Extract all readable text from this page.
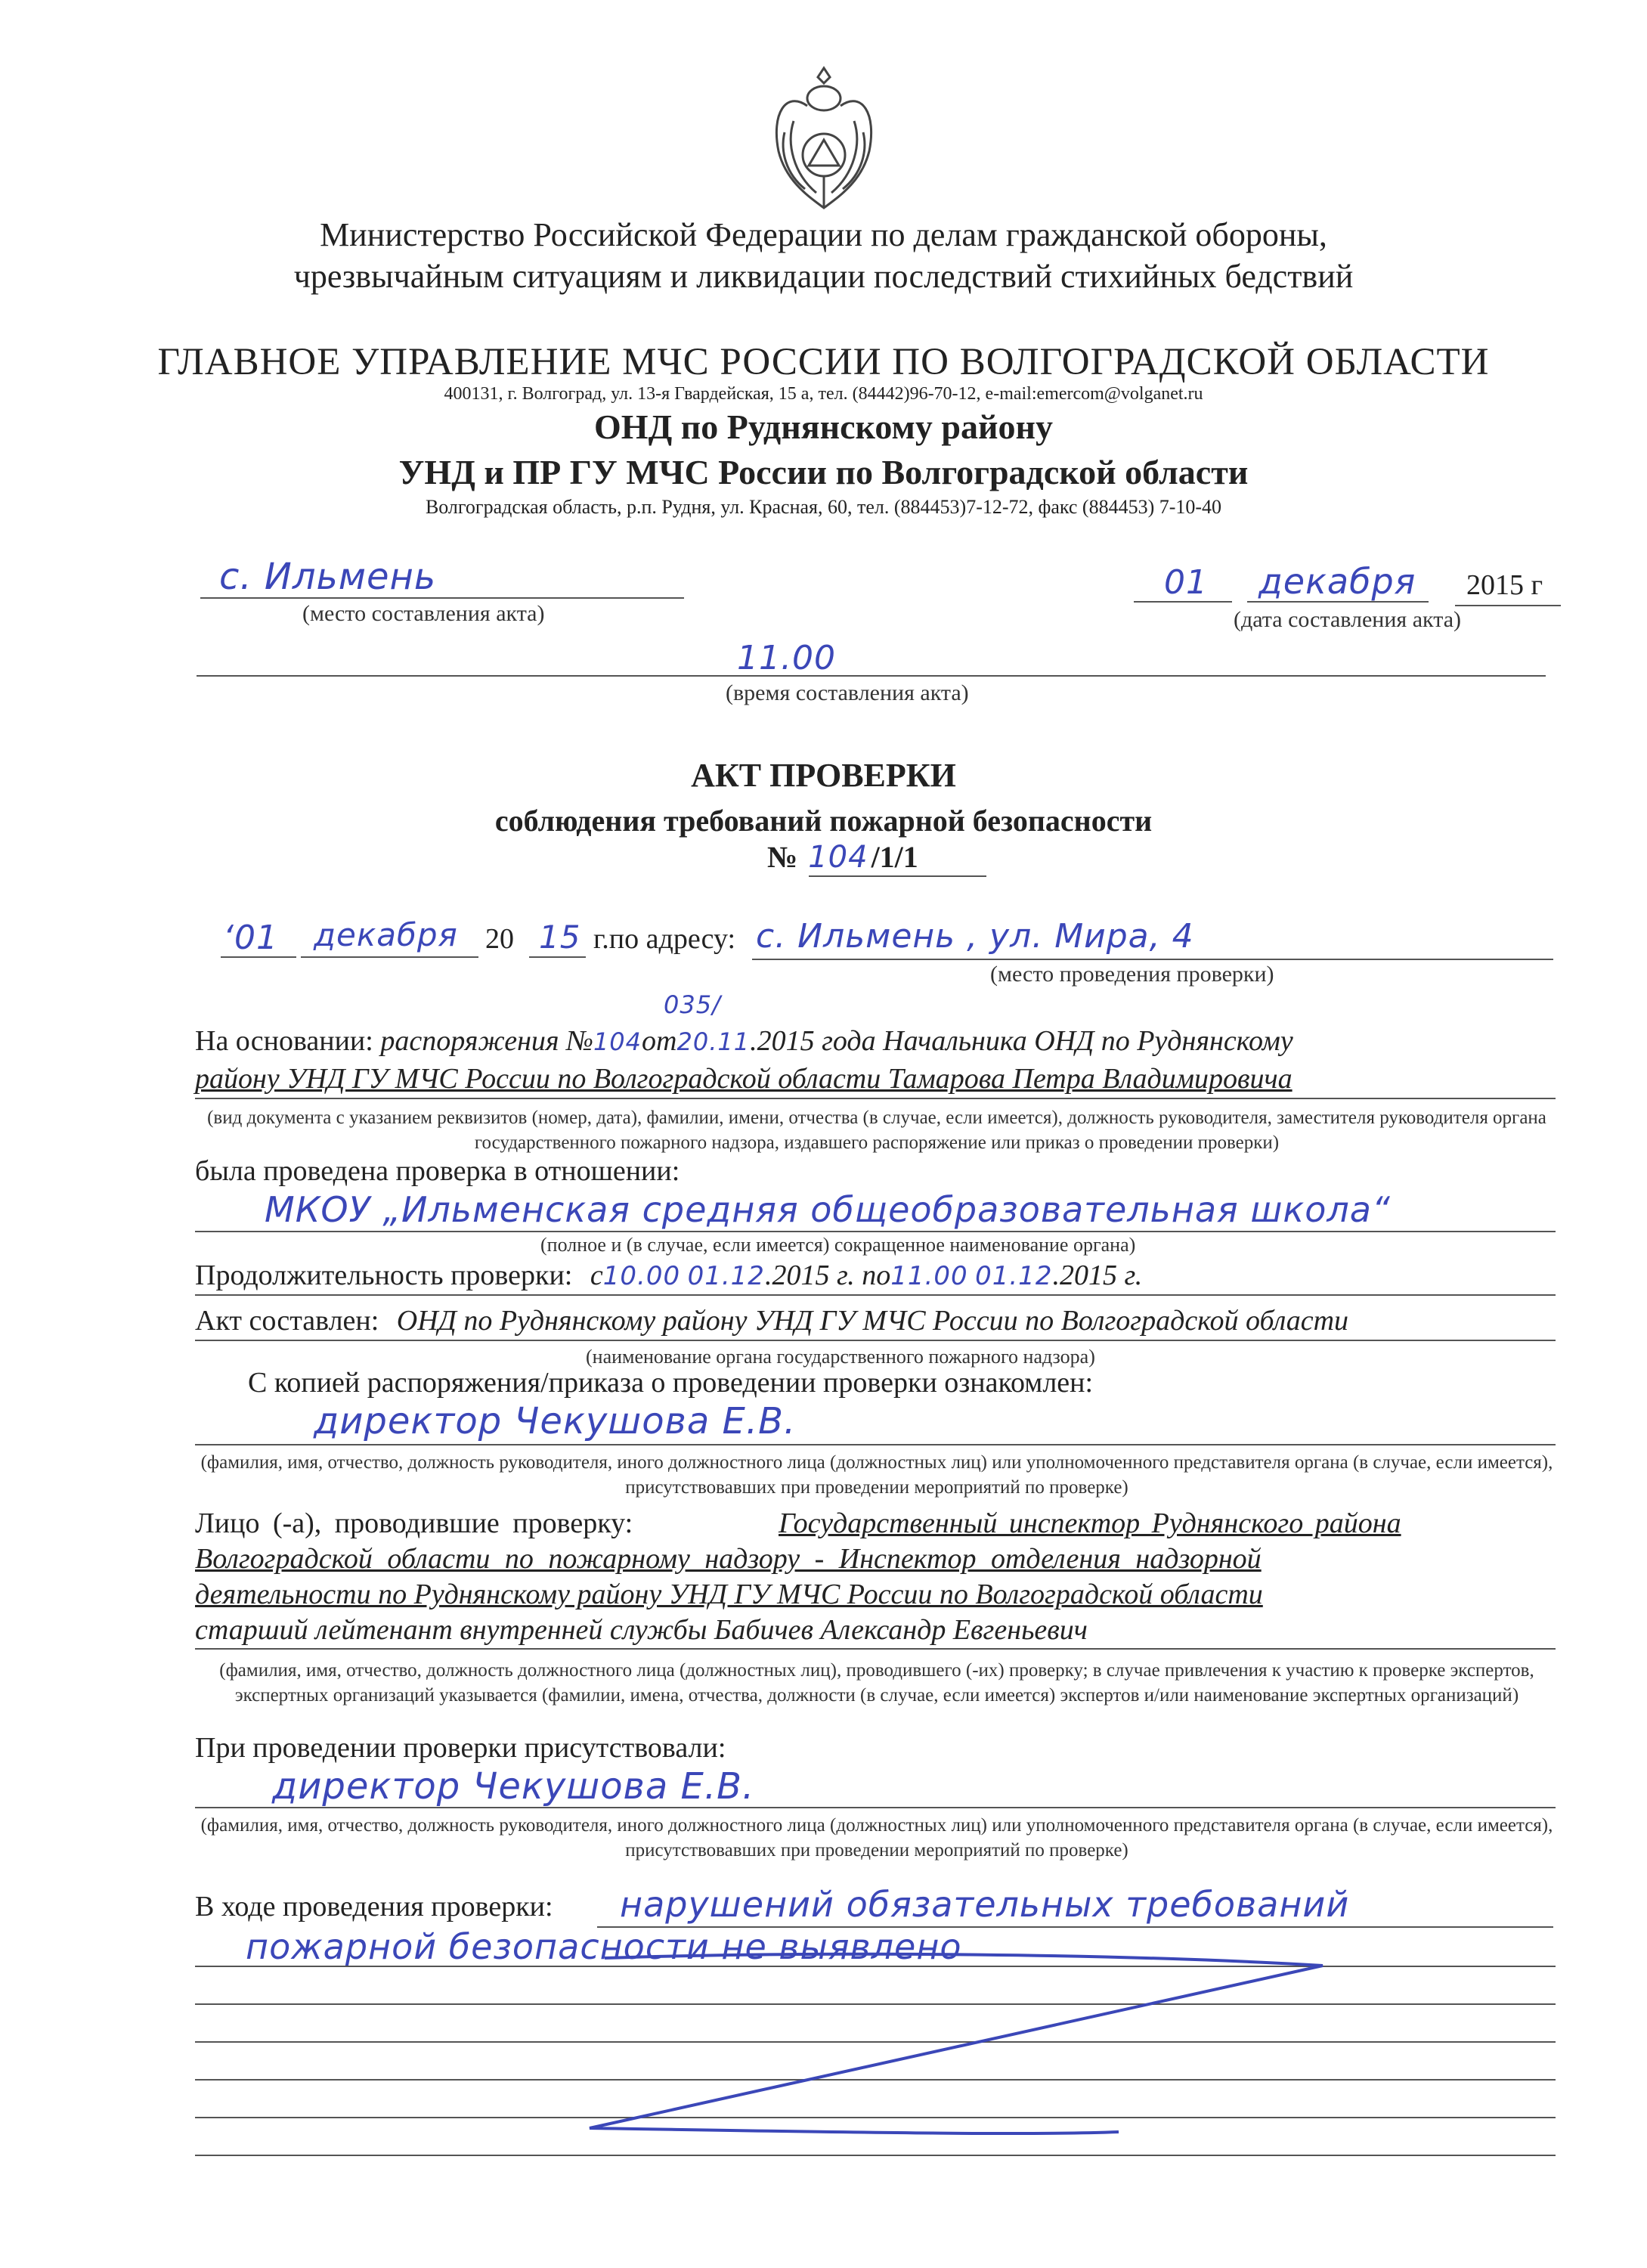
Министерство Российской Федерации по делам гражданской обороны,
чрезвычайным ситуациям и ликвидации последствий стихийных бедствий
ГЛАВНОЕ УПРАВЛЕНИЕ МЧС РОССИИ ПО ВОЛГОГРАДСКОЙ ОБЛАСТИ
400131, г. Волгоград, ул. 13-я Гвардейская, 15 а, тел. (84442)96-70-12, e-mail:emercom@volganet.ru
ОНД по Руднянскому району
УНД и ПР ГУ МЧС России по Волгоградской области
Волгоградская область, р.п. Рудня, ул. Красная, 60, тел. (884453)7-12-72, факс (884453) 7-10-40
с. Ильмень
(место составления акта)
01 декабря 2015 г
(дата составления акта)
11.00
(время составления акта)
АКТ ПРОВЕРКИ
соблюдения требований пожарной безопасности
№ 104 /1/1
‘01 декабря 20 15 г.по адресу: с. Ильмень , ул. Мира, 4
(место проведения проверки)
035/
На основании: распоряжения №104от20.11.2015 года Начальника ОНД по Руднянскому
району УНД ГУ МЧС России по Волгоградской области Тамарова Петра Владимировича
(вид документа с указанием реквизитов (номер, дата), фамилии, имени, отчества (в случае, если имеется), должность руководителя, заместителя руководителя органа государственного пожарного надзора, издавшего распоряжение или приказ о проведении проверки)
была проведена проверка в отношении:
МКОУ „Ильменская средняя общеобразовательная школа“
(полное и (в случае, если имеется) сокращенное наименование органа)
Продолжительность проверки: с10.00 01.12.2015 г. по11.00 01.12.2015 г.
Акт составлен: ОНД по Руднянскому району УНД ГУ МЧС России по Волгоградской области
(наименование органа государственного пожарного надзора)
С копией распоряжения/приказа о проведении проверки ознакомлен:
директор Чекушова Е.В.
(фамилия, имя, отчество, должность руководителя, иного должностного лица (должностных лиц) или уполномоченного представителя органа (в случае, если имеется), присутствовавших при проведении мероприятий по проверке)
Лицо (-а), проводившие проверку:	Государственный инспектор Руднянского района
Волгоградской области по пожарному надзору - Инспектор отделения надзорной
деятельности по Руднянскому району УНД ГУ МЧС России по Волгоградской области
старший лейтенант внутренней службы Бабичев Александр Евгеньевич
(фамилия, имя, отчество, должность должностного лица (должностных лиц), проводившего (-их) проверку; в случае привлечения к участию к проверке экспертов, экспертных организаций указывается (фамилии, имена, отчества, должности (в случае, если имеется) экспертов и/или наименование экспертных организаций)
При проведении проверки присутствовали:
директор Чекушова Е.В.
(фамилия, имя, отчество, должность руководителя, иного должностного лица (должностных лиц) или уполномоченного представителя органа (в случае, если имеется), присутствовавших при проведении мероприятий по проверке)
В ходе проведения проверки: нарушений обязательных требований
пожарной безопасности не выявлено
